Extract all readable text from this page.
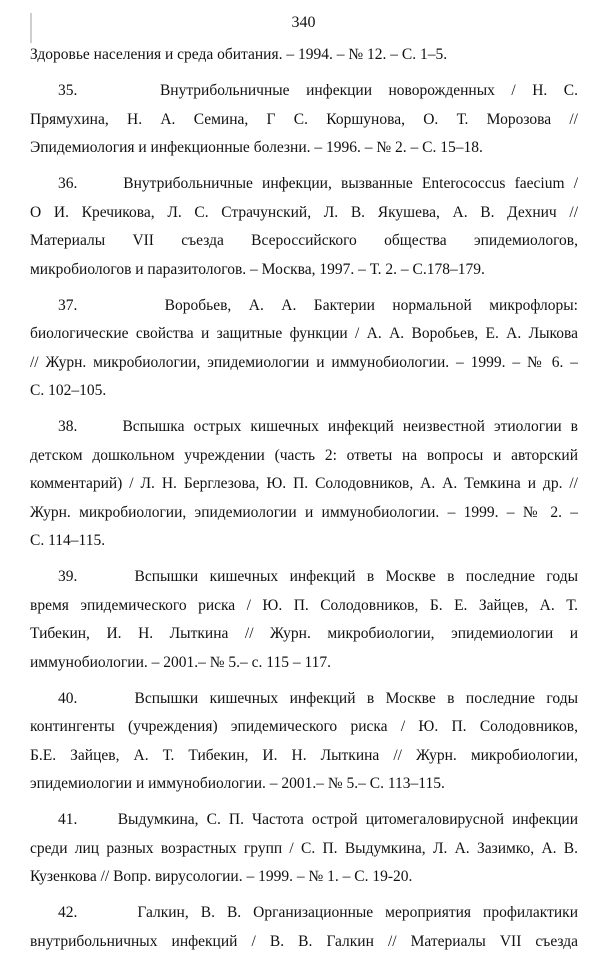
340
Здоровье населения и среда обитания. – 1994. – № 12. – С. 1–5.
35.     Внутрибольничные инфекции новорожденных / Н. С.
Прямухина, Н. А. Семина, Г С. Коршунова, О. Т. Морозова //
Эпидемиология и инфекционные болезни. – 1996. – № 2. – С. 15–18.
36.     Внутрибольничные инфекции, вызванные Enterococcus faecium /
О И. Кречикова, Л. С. Страчунский, Л. В. Якушева, А. В. Дехнич //
Материалы VII съезда Всероссийского общества эпидемиологов,
микробиологов и паразитологов. – Москва, 1997. – Т. 2. – С.178–179.
37.     Воробьев, А. А. Бактерии нормальной микрофлоры:
биологические свойства и защитные функции / А. А. Воробьев, Е. А. Лыкова
// Журн. микробиологии, эпидемиологии и иммунобиологии. – 1999. – № 6. –
С. 102–105.
38.     Вспышка острых кишечных инфекций неизвестной этиологии в
детском дошкольном учреждении (часть 2: ответы на вопросы и авторский
комментарий) / Л. Н. Берглезова, Ю. П. Солодовников, А. А. Темкина и др. //
Журн. микробиологии, эпидемиологии и иммунобиологии. – 1999. – № 2. –
С. 114–115.
39.     Вспышки кишечных инфекций в Москве в последние годы
время эпидемического риска / Ю. П. Солодовников, Б. Е. Зайцев, А. Т.
Тибекин, И. Н. Лыткина // Журн. микробиологии, эпидемиологии и
иммунобиологии. – 2001.– № 5.– с. 115 – 117.
40.     Вспышки кишечных инфекций в Москве в последние годы
контингенты (учреждения) эпидемического риска / Ю. П. Солодовников,
Б.Е. Зайцев, А. Т. Тибекин, И. Н. Лыткина // Журн. микробиологии,
эпидемиологии и иммунобиологии. – 2001.– № 5.– С. 113–115.
41.     Выдумкина, С. П. Частота острой цитомегаловирусной инфекции
среди лиц разных возрастных групп / С. П. Выдумкина, Л. А. Зазимко, А. В.
Кузенкова // Вопр. вирусологии. – 1999. – № 1. – С. 19-20.
42.     Галкин, В. В. Организационные мероприятия профилактики
внутрибольничных инфекций / В. В. Галкин // Материалы VII съезда
